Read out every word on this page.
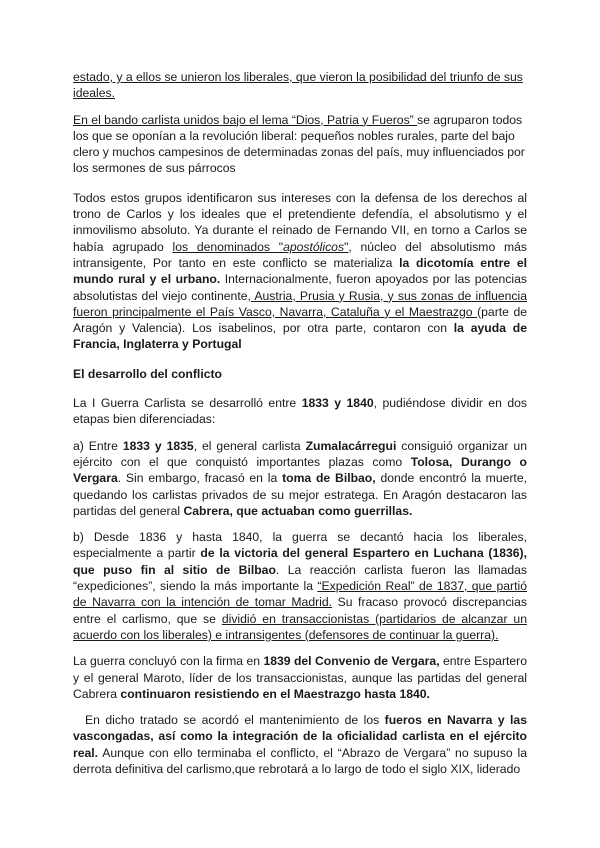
estado, y a ellos se unieron los liberales, que vieron la posibilidad del triunfo de sus ideales.

En el bando carlista unidos bajo el lema “Dios, Patria y Fueros” se agruparon todos los que se oponían a la revolución liberal: pequeños nobles rurales, parte del bajo clero y muchos campesinos de determinadas zonas del país, muy influenciados por los sermones de sus párrocos

Todos estos grupos identificaron sus intereses con la defensa de los derechos al trono de Carlos y los ideales que el pretendiente defendía, el absolutismo y el inmovilismo absoluto. Ya durante el reinado de Fernando VII, en torno a Carlos se había agrupado los denominados "apostólicos", núcleo del absolutismo más intransigente, Por tanto en este conflicto se materializa la dicotomía entre el mundo rural y el urbano. Internacionalmente, fueron apoyados por las potencias absolutistas del viejo continente, Austria, Prusia y Rusia, y sus zonas de influencia fueron principalmente el País Vasco, Navarra, Cataluña y el Maestrazgo (parte de Aragón y Valencia). Los isabelinos, por otra parte, contaron con la ayuda de Francia, Inglaterra y Portugal

El desarrollo del conflicto

La I Guerra Carlista se desarrolló entre 1833 y 1840, pudiéndose dividir en dos etapas bien diferenciadas:

a) Entre 1833 y 1835, el general carlista Zumalacárregui consiguió organizar un ejército con el que conquistó importantes plazas como Tolosa, Durango o Vergara. Sin embargo, fracasó en la toma de Bilbao, donde encontró la muerte, quedando los carlistas privados de su mejor estratega. En Aragón destacaron las partidas del general Cabrera, que actuaban como guerrillas.

b) Desde 1836 y hasta 1840, la guerra se decantó hacia los liberales, especialmente a partir de la victoria del general Espartero en Luchana (1836), que puso fin al sitio de Bilbao. La reacción carlista fueron las llamadas “expediciones”, siendo la más importante la “Expedición Real” de 1837, que partió de Navarra con la intención de tomar Madrid. Su fracaso provocó discrepancias entre el carlismo, que se dividió en transaccionistas (partidarios de alcanzar un acuerdo con los liberales) e intransigentes (defensores de continuar la guerra).

La guerra concluyó con la firma en 1839 del Convenio de Vergara, entre Espartero y el general Maroto, líder de los transaccionistas, aunque las partidas del general Cabrera continuaron resistiendo en el Maestrazgo hasta 1840.

En dicho tratado se acordó el mantenimiento de los fueros en Navarra y las vascongadas, así como la integración de la oficialidad carlista en el ejército real. Aunque con ello terminaba el conflicto, el “Abrazo de Vergara” no supuso la derrota definitiva del carlismo,que rebrotará a lo largo de todo el siglo XIX, liderado
